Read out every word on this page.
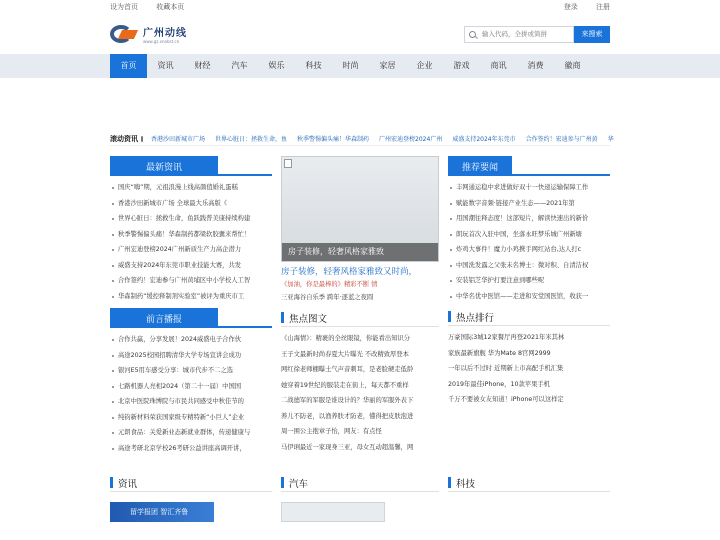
设为首页	收藏本页	登录	注册
广州动线
www.gz.xnebst.cn
输入代码，全拼或简拼
来搜索
首页	资讯	财经	汽车	娱乐	科技	时尚	家居	企业	游戏	商讯	消费	徽商
滚动资讯 香港沙田新城市广场 世界心脏日：拯救生命，鱼 秋季警惕偏头痛！华森制药 广州宏迪登榜2024广州 威盛支持2024年东莞市 合作签约！宏迪参与广州黄 华
最新资讯
国庆“嗨”期，元祖浪漫上线高颜值婚礼蛋糕
香港沙田新城市广场 全球最大乐高版《
世界心脏日：拯救生命，鱼跃践普美康持续构建
秋季警惕偏头痛！华森制药都梁软胶囊来帮忙！
广州宏迪登榜2024广州新质生产力高企潜力
威盛支持2024年东莞市职业技能大赛，共发
合作签约！宏迪参与广州黄埔区中小学校人工智
华森制药“缓控释制剂实验室”被评为重庆市工
前言播报
合作共赢，分享发展！2024威盛电子合作伙
高途2025校园招聘清华大学专场宣讲会成功
银河E5用车感受分享：城市代步不二之选
七路机器人亮相2024（第二十一届）中国国
北京中医院珠博院与市民共同感受中秋佳节的
纯钧新材料荣获国家级专精特新“小巨人”企业
元朗食品：关爱新业态新就业群体，传递健康与
高途考研北京学校26考研公益讲座高调开讲，
房子装修，轻奢风格家雅致
房子装修，轻奢风格家雅致又时尚，
《加油，你是最棒的》精彩不断 情
三亚海谷自乐季 跨年·逐蓝之夜圆
焦点图文
《山海情》：精裹的全丝眼镜，你能看出知识分
王子文最新时尚春夏大片曝光 不改精致厚登本
网红徐老师棚曝土气声音刺耳，是老脸硬走低龄
她穿着19世纪的服装走在街上，每天都不重样
二战德军的军服是谁设计的？华丽的军服外表下
养儿不防老，以渔养肤才防老，懂得把皮肤泡进
周一围公主抱章子怡，网友：有点怪
马伊琍最近一家现身三亚，母女互动超温馨，网
推荐要闻
丰网通运稳中求进做好双十一快递运输保障工作
赋能数字音频·链接产业生态——2021年第
用国潮往释态度！这部短片，解读快速出的新价
朗玩首次入驻中国，坐落永旺梦乐城广州新塘
炸鸡大事件！魔力小鸡携手网红站台,达人打c
中国洗发露之父张未名博士：微对积、自清洁权
安装铝芝华护打要注意到哪些呢
中华名优中医馆——走进和安堂国医馆，收获一
热点排行
万豪国际3城12家餐厅再登2021年米其林
家族最新旗舰 华为Mate 8官网2999
一年以后不过时 近期新上市高配手机汇集
2019年最佳iPhone，10款苹果手机
千万不要被女友知道！iPhone可以这样定
资讯
留学报团 智汇齐鲁
汽车	科技
